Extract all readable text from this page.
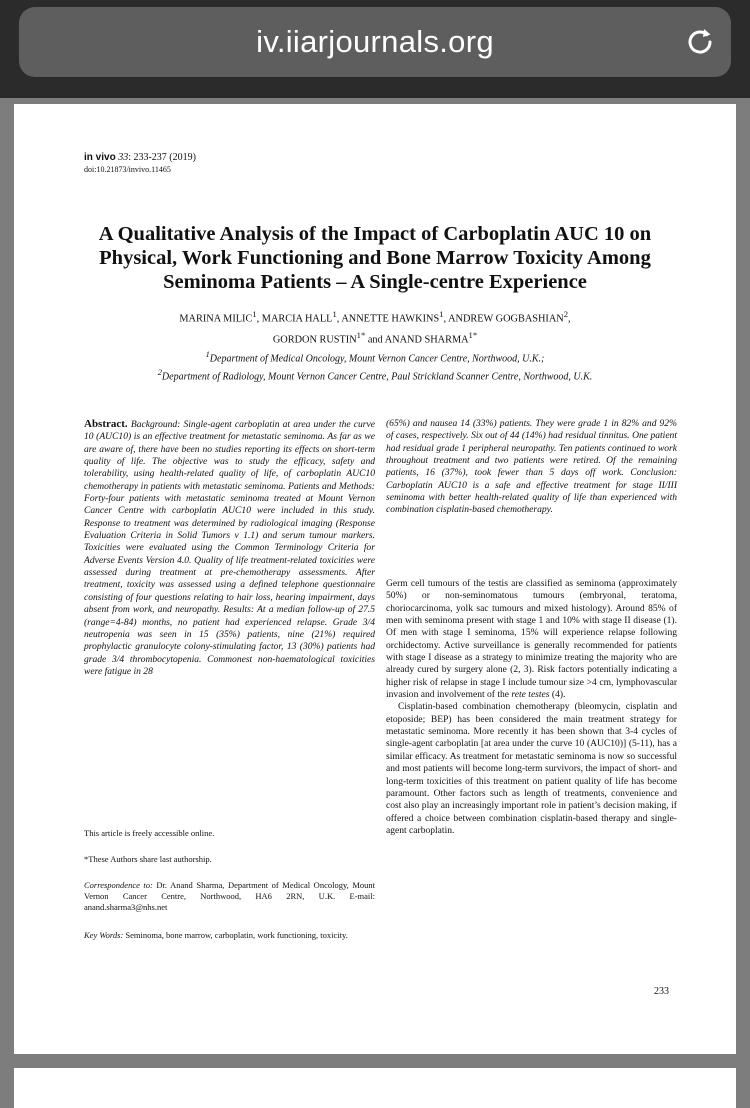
iv.iiarjournals.org
in vivo 33: 233-237 (2019)
doi:10.21873/invivo.11465
A Qualitative Analysis of the Impact of Carboplatin AUC 10 on
Physical, Work Functioning and Bone Marrow Toxicity Among
Seminoma Patients – A Single-centre Experience
MARINA MILIC$^1$, MARCIA HALL$^1$, ANNETTE HAWKINS$^1$, ANDREW GOGBASHIAN$^2$,
GORDON $RUSTIN^{1*}$ and ANAND $SHARMA^{1*}$
$^1$Department of Medical Oncology, Mount Vernon Cancer Centre, Northwood, U.K.;
$^2$Department of Radiology, Mount Vernon Cancer Centre, Paul Strickland Scanner Centre, Northwood, U.K.
Abstract. Background: Single-agent carboplatin at area under the curve 10 (AUC10) is an effective treatment for metastatic seminoma. As far as we are aware of, there have been no studies reporting its effects on short-term quality of life. The objective was to study the efficacy, safety and tolerability, using health-related quality of life, of carboplatin AUC10 chemotherapy in patients with metastatic seminoma. Patients and Methods: Forty-four patients with metastatic seminoma treated at Mount Vernon Cancer Centre with carboplatin AUC10 were included in this study. Response to treatment was determined by radiological imaging (Response Evaluation Criteria in Solid Tumors v 1.1) and serum tumour markers. Toxicities were evaluated using the Common Terminology Criteria for Adverse Events Version 4.0. Quality of life treatment-related toxicities were assessed during treatment at pre-chemotherapy assessments. After treatment, toxicity was assessed using a defined telephone questionnaire consisting of four questions relating to hair loss, hearing impairment, days absent from work, and neuropathy. Results: At a median follow-up of 27.5 (range=4-84) months, no patient had experienced relapse. Grade 3/4 neutropenia was seen in 15 (35%) patients, nine (21%) required prophylactic granulocyte colony-stimulating factor, 13 (30%) patients had grade 3/4 thrombocytopenia. Commonest non-haematological toxicities were fatigue in 28
(65%) and nausea 14 (33%) patients. They were grade 1 in 82% and 92% of cases, respectively. Six out of 44 (14%) had residual tinnitus. One patient had residual grade 1 peripheral neuropathy. Ten patients continued to work throughout treatment and two patients were retired. Of the remaining patients, 16 (37%), took fewer than 5 days off work. Conclusion: Carboplatin AUC10 is a safe and effective treatment for stage II/III seminoma with better health-related quality of life than experienced with combination cisplatin-based chemotherapy.

Germ cell tumours of the testis are classified as seminoma (approximately 50%) or non-seminomatous tumours (embryonal, teratoma, choriocarcinoma, yolk sac tumours and mixed histology). Around 85% of men with seminoma present with stage 1 and 10% with stage II disease (1). Of men with stage I seminoma, 15% will experience relapse following orchidectomy. Active surveillance is generally recommended for patients with stage I disease as a strategy to minimize treating the majority who are already cured by surgery alone (2, 3). Risk factors potentially indicating a higher risk of relapse in stage I include tumour size >4 cm, lymphovascular invasion and involvement of the rete testes (4).

Cisplatin-based combination chemotherapy (bleomycin, cisplatin and etoposide; BEP) has been considered the main treatment strategy for metastatic seminoma. More recently it has been shown that 3-4 cycles of single-agent carboplatin [at area under the curve 10 (AUC10)] (5-11), has a similar efficacy. As treatment for metastatic seminoma is now so successful and most patients will become long-term survivors, the impact of short- and long-term toxicities of this treatment on patient quality of life has become paramount. Other factors such as length of treatments, convenience and cost also play an increasingly important role in patient’s decision making, if offered a choice between combination cisplatin-based therapy and single-agent carboplatin.

This article is freely accessible online.
*These Authors share last authorship.
Correspondence to: Dr. Anand Sharma, Department of Medical Oncology, Mount Vernon Cancer Centre, Northwood, HA6 2RN, U.K. E-mail: anand.sharma3@nhs.net
Key Words: Seminoma, bone marrow, carboplatin, work functioning, toxicity.
233
